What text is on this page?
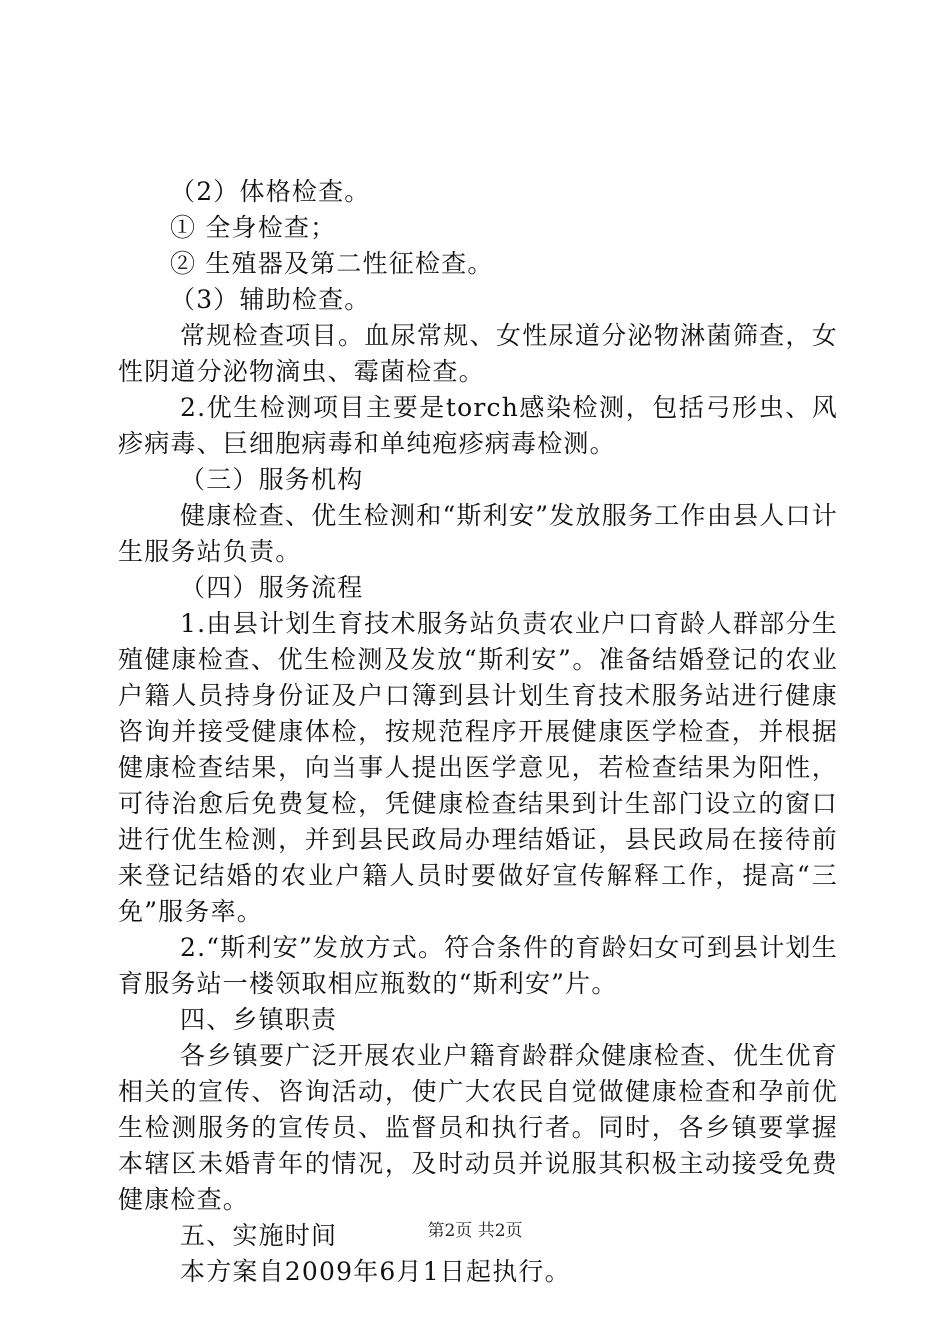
（2）体格检查。

① 全身检查；

② 生殖器及第二性征检查。

（3）辅助检查。

常规检查项目。血尿常规、女性尿道分泌物淋菌筛查，女性阴道分泌物滴虫、霉菌检查。

2.优生检测项目主要是torch感染检测，包括弓形虫、风疹病毒、巨细胞病毒和单纯疱疹病毒检测。

（三）服务机构

健康检查、优生检测和“斯利安”发放服务工作由县人口计生服务站负责。

（四）服务流程

1.由县计划生育技术服务站负责农业户口育龄人群部分生殖健康检查、优生检测及发放“斯利安”。准备结婚登记的农业户籍人员持身份证及户口簿到县计划生育技术服务站进行健康咨询并接受健康体检，按规范程序开展健康医学检查，并根据健康检查结果，向当事人提出医学意见，若检查结果为阳性，可待治愈后免费复检，凭健康检查结果到计生部门设立的窗口进行优生检测，并到县民政局办理结婚证，县民政局在接待前来登记结婚的农业户籍人员时要做好宣传解释工作，提高“三免”服务率。

2.“斯利安”发放方式。符合条件的育龄妇女可到县计划生育服务站一楼领取相应瓶数的“斯利安”片。

四、乡镇职责

各乡镇要广泛开展农业户籍育龄群众健康检查、优生优育相关的宣传、咨询活动，使广大农民自觉做健康检查和孕前优生检测服务的宣传员、监督员和执行者。同时，各乡镇要掌握本辖区未婚青年的情况，及时动员并说服其积极主动接受免费健康检查。

五、实施时间

本方案自2009年6月1日起执行。

第2页 共2页
